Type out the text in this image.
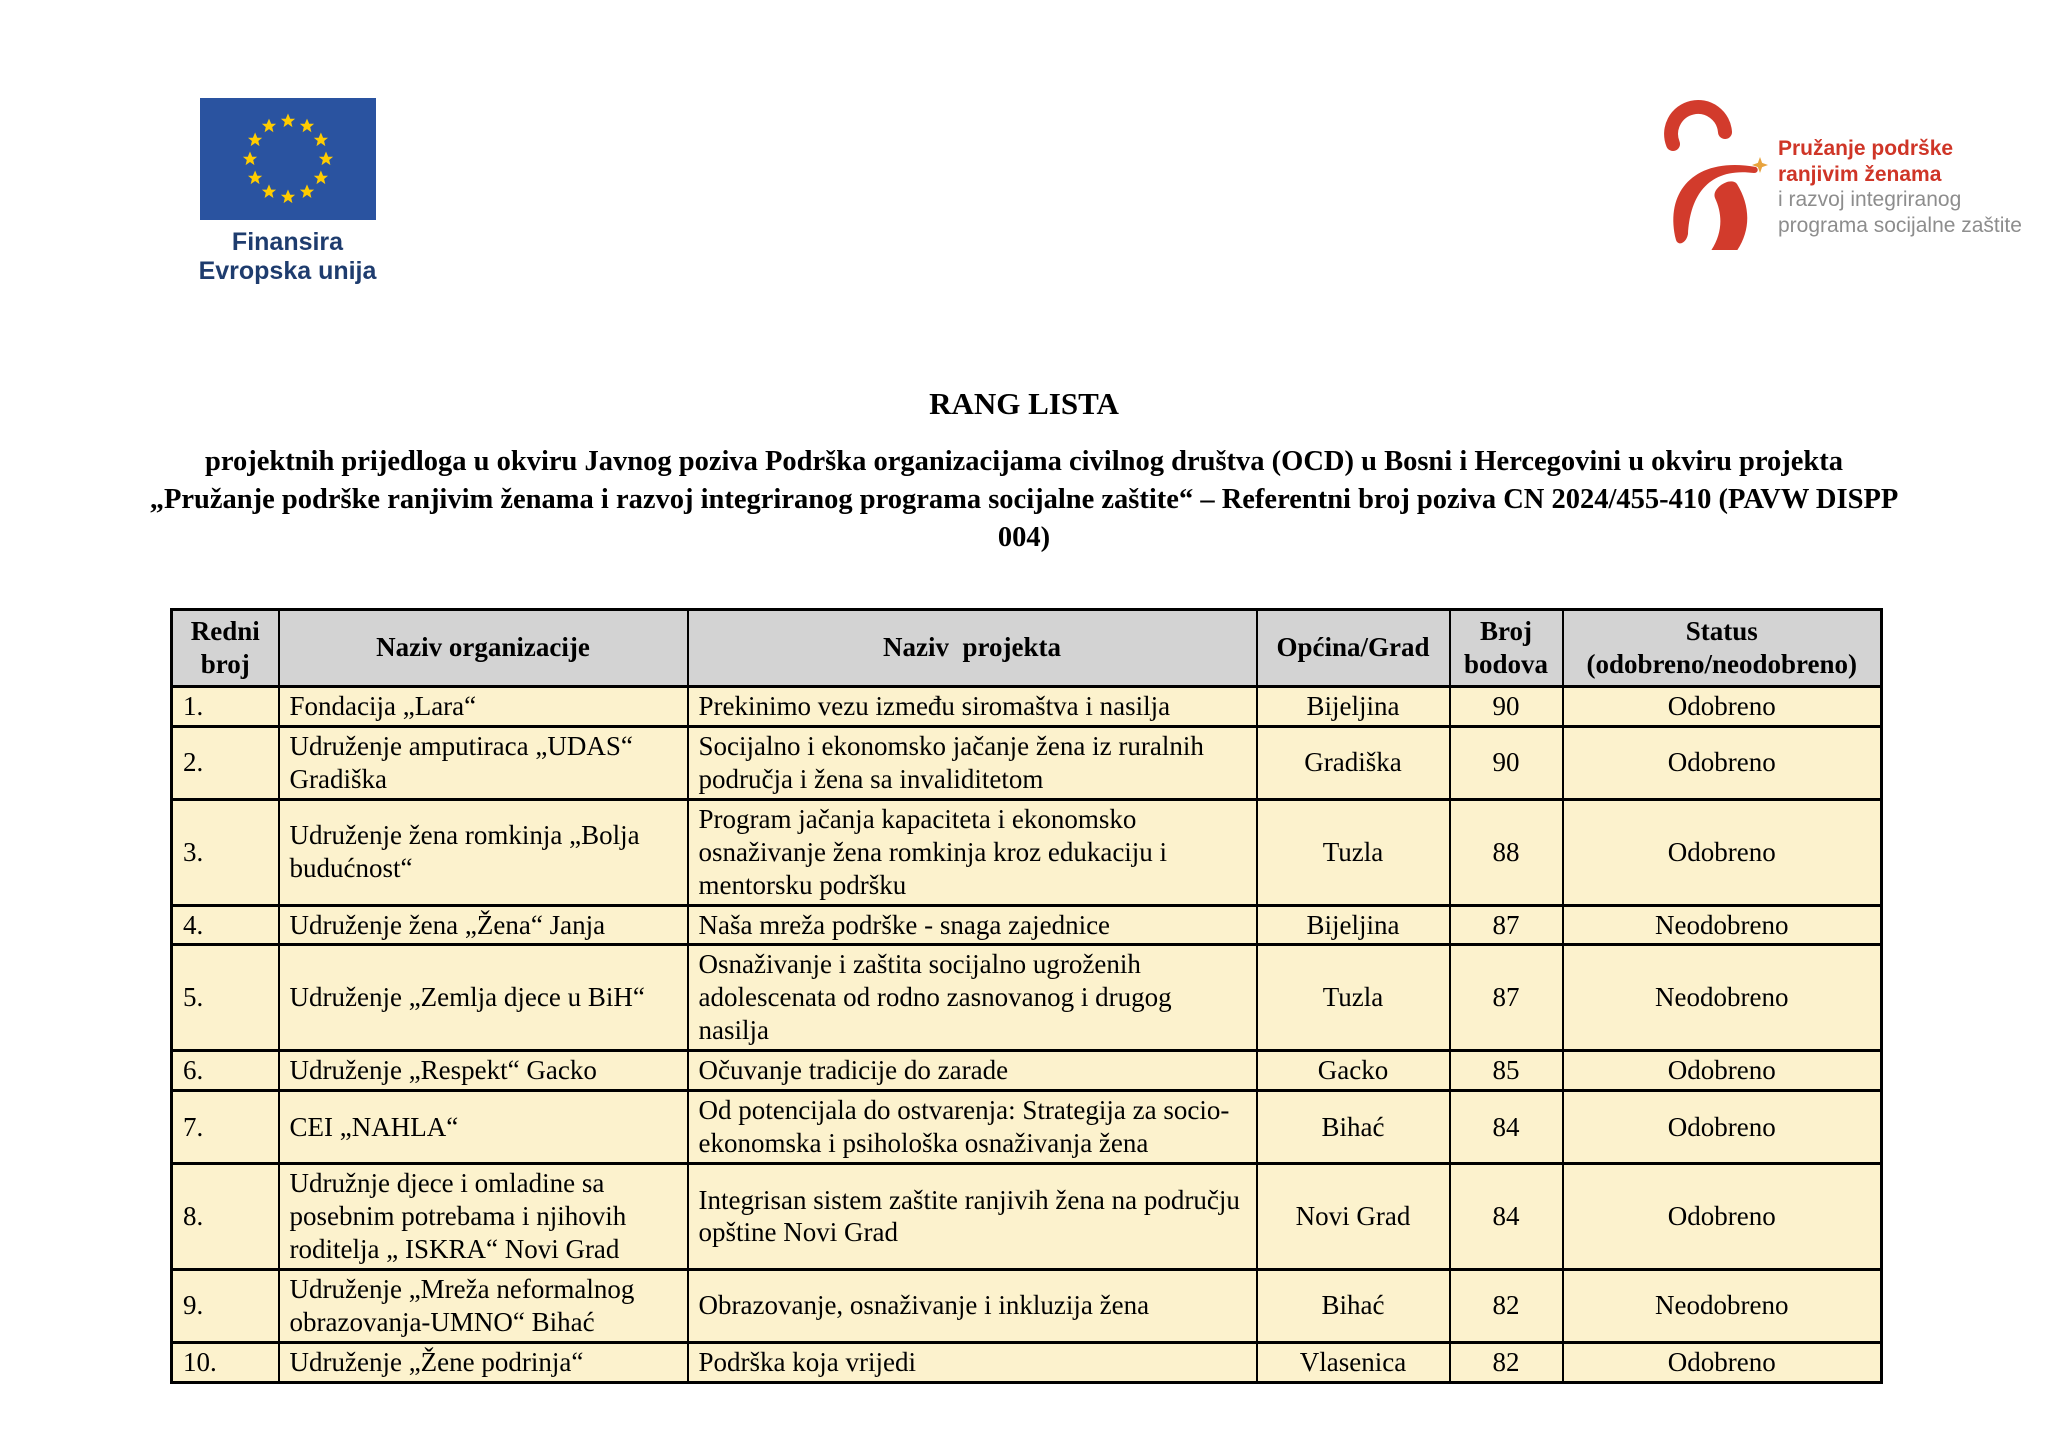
Finansira
Evropska unija
Pružanje podrške
ranjivim ženama
i razvoj integriranog
programa socijalne zaštite
RANG LISTA

projektnih prijedloga u okviru Javnog poziva Podrška organizacijama civilnog društva (OCD) u Bosni i Hercegovini u okviru projekta „Pružanje podrške ranjivim ženama i razvoj integriranog programa socijalne zaštite“ – Referentni broj poziva CN 2024/455-410 (PAVW DISPP 004)

Redni broj	Naziv organizacije	Naziv  projekta	Općina/Grad	Broj bodova	Status (odobreno/neodobreno)
1.	Fondacija „Lara“	Prekinimo vezu između siromaštva i nasilja	Bijeljina	90	Odobreno
2.	Udruženje amputiraca „UDAS“ Gradiška	Socijalno i ekonomsko jačanje žena iz ruralnih područja i žena sa invaliditetom	Gradiška	90	Odobreno
3.	Udruženje žena romkinja „Bolja budućnost“	Program jačanja kapaciteta i ekonomsko osnaživanje žena romkinja kroz edukaciju i mentorsku podršku	Tuzla	88	Odobreno
4.	Udruženje žena „Žena“ Janja	Naša mreža podrške - snaga zajednice	Bijeljina	87	Neodobreno
5.	Udruženje „Zemlja djece u BiH“	Osnaživanje i zaštita socijalno ugroženih adolescenata od rodno zasnovanog i drugog nasilja	Tuzla	87	Neodobreno
6.	Udruženje „Respekt“ Gacko	Očuvanje tradicije do zarade	Gacko	85	Odobreno
7.	CEI „NAHLA“	Od potencijala do ostvarenja: Strategija za socio-ekonomska i psihološka osnaživanja žena	Bihać	84	Odobreno
8.	Udružnje djece i omladine sa posebnim potrebama i njihovih roditelja „ ISKRA“ Novi Grad	Integrisan sistem zaštite ranjivih žena na području opštine Novi Grad	Novi Grad	84	Odobreno
9.	Udruženje „Mreža neformalnog obrazovanja-UMNO“ Bihać	Obrazovanje, osnaživanje i inkluzija žena	Bihać	82	Neodobreno
10.	Udruženje „Žene podrinja“	Podrška koja vrijedi	Vlasenica	82	Odobreno
